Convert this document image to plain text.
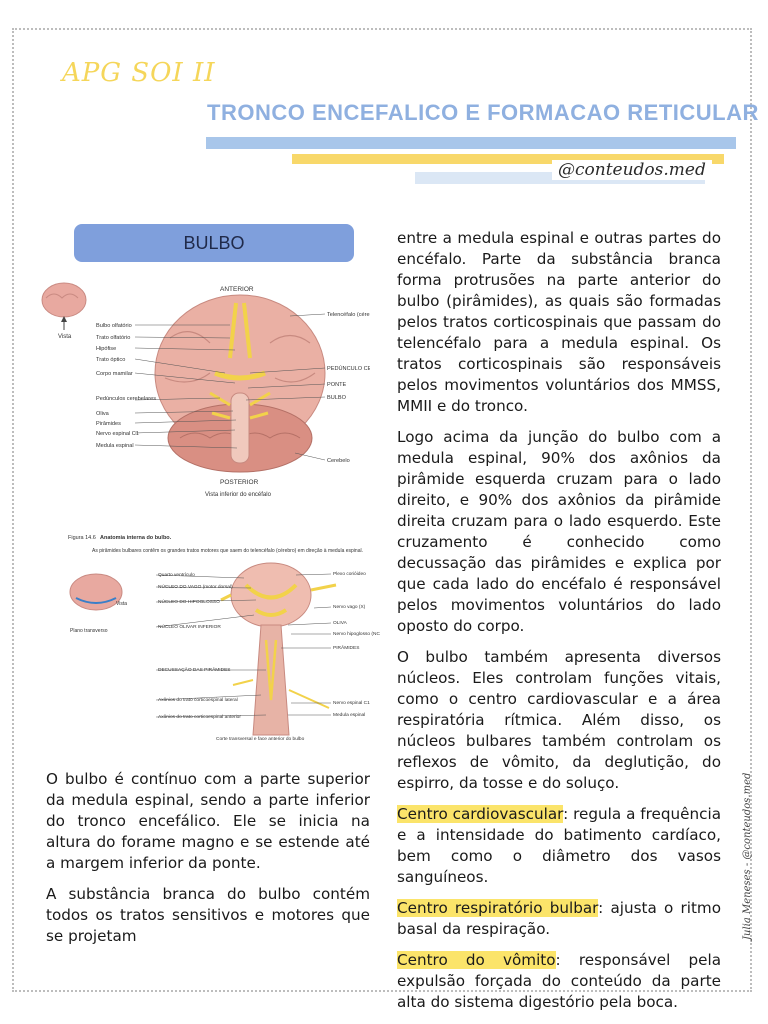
APG SOI II
TRONCO ENCEFALICO E FORMACAO RETICULAR
@conteudos.med
BULBO
Vista
ANTERIOR
POSTERIOR
Vista inferior do encéfalo
Bulbo olfatório
Trato olfatório
Hipófise
Trato óptico
Corpo mamilar
Pedúnculos cerebelares
Oliva
Pirâmides
Nervo espinal C1
Medula espinal
Telencéfalo (cére
PEDÚNCULO CE
PONTE
BULBO
Cerebelo
Figura 14.6 Anatomia interna do bulbo.
As pirâmides bulbares contêm os grandes tratos motores que saem do telencéfalo (cérebro) em direção à medula espinal.
Vista
Plano transverso
Quarto ventrículo
NÚCLEO DO VAGO (motor dorsal)
NÚCLEO DO HIPOGLOSSO
NÚCLEO OLIVAR INFERIOR
DECUSSAÇÃO DAS PIRÂMIDES
Axônios do trato corticoespinal lateral
Axônios do trato corticoespinal anterior
Plexo corióideo
Nervo vago (X)
OLIVA
Nervo hipoglosso (NC
PIRÂMIDES
Nervo espinal C1
Medula espinal
Corte transversal e face anterior do bulbo

O bulbo é contínuo com a parte superior da medula espinal, sendo a parte inferior do tronco encefálico. Ele se inicia na altura do forame magno e se estende até a margem inferior da ponte.

A substância branca do bulbo contém todos os tratos sensitivos e motores que se projetam

entre a medula espinal e outras partes do encéfalo. Parte da substância branca forma protrusões na parte anterior do bulbo (pirâmides), as quais são formadas pelos tratos corticospinais que passam do telencéfalo para a medula espinal. Os tratos corticospinais são responsáveis pelos movimentos voluntários dos MMSS, MMII e do tronco.

Logo acima da junção do bulbo com a medula espinal, 90% dos axônios da pirâmide esquerda cruzam para o lado direito, e 90% dos axônios da pirâmide direita cruzam para o lado esquerdo. Este cruzamento é conhecido como decussação das pirâmides e explica por que cada lado do encéfalo é responsável pelos movimentos voluntários do lado oposto do corpo.

O bulbo também apresenta diversos núcleos. Eles controlam funções vitais, como o centro cardiovascular e a área respiratória rítmica. Além disso, os núcleos bulbares também controlam os reflexos de vômito, da deglutição, do espirro, da tosse e do soluço.

Centro cardiovascular: regula a frequência e a intensidade do batimento cardíaco, bem como o diâmetro dos vasos sanguíneos.

Centro respiratório bulbar: ajusta o ritmo basal da respiração.

Centro do vômito: responsável pela expulsão forçada do conteúdo da parte alta do sistema digestório pela boca.

Julia Meneses - @conteudos.med
